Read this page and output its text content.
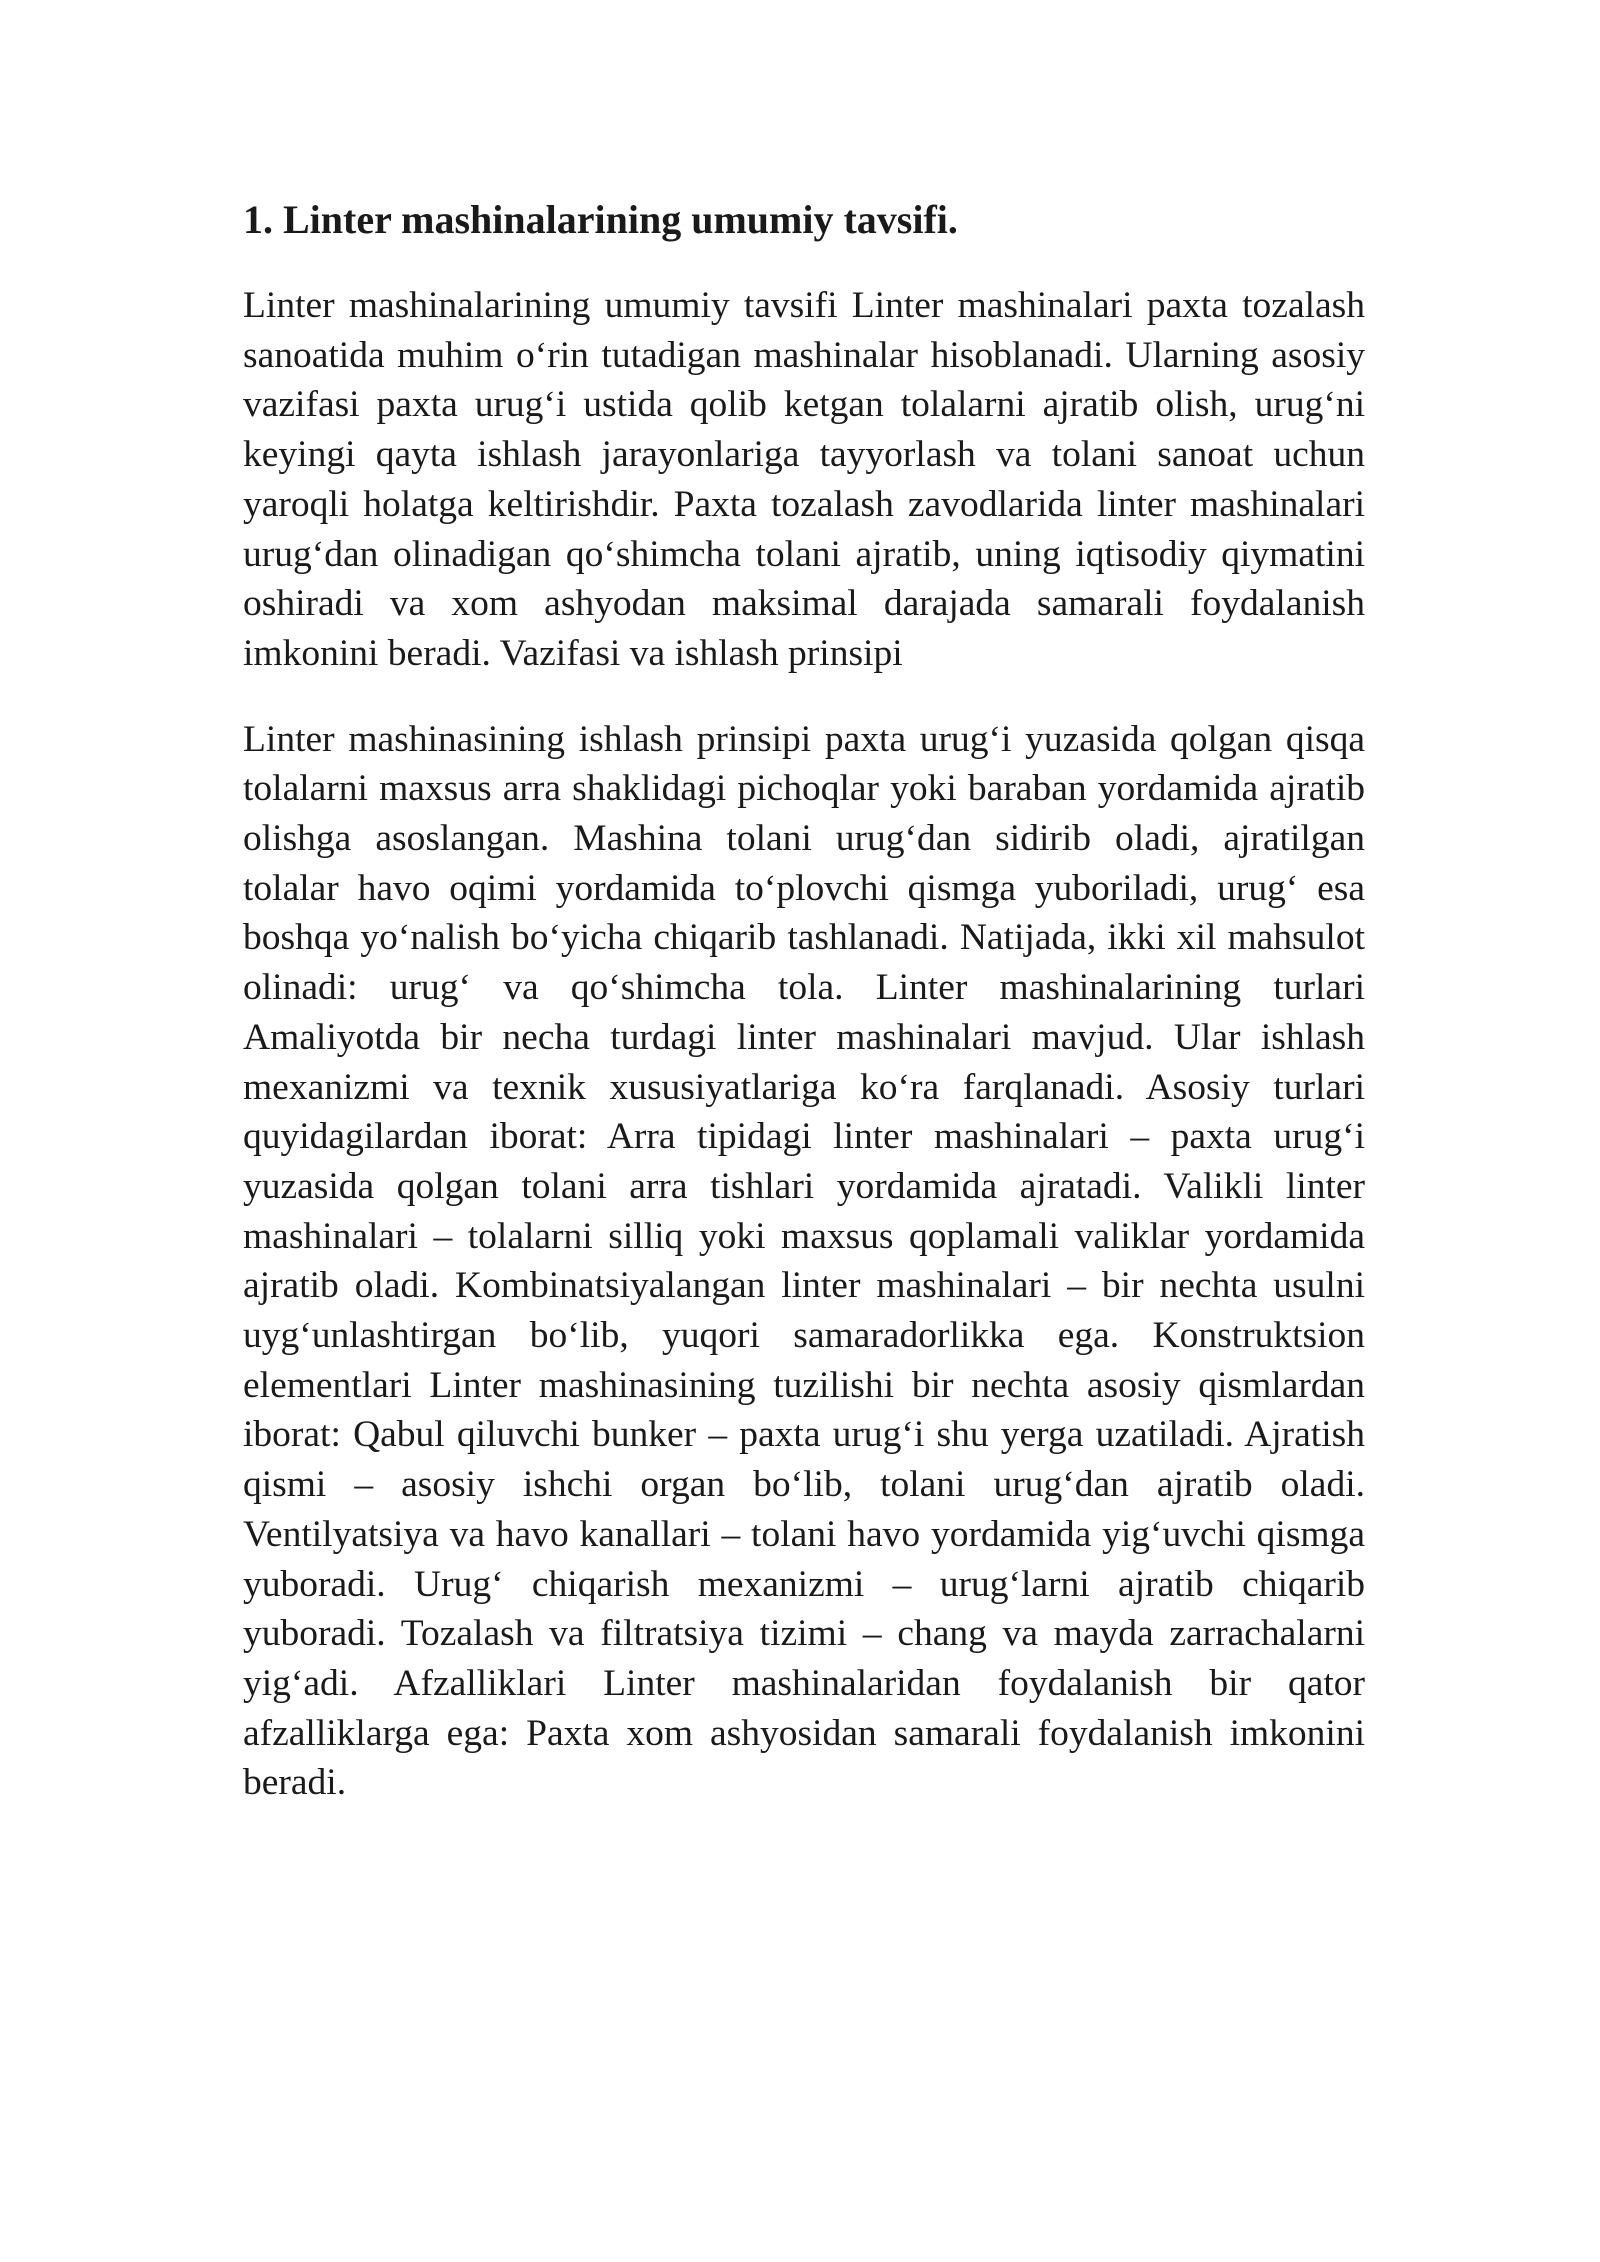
1. Linter mashinalarining umumiy tavsifi.

Linter mashinalarining umumiy tavsifi Linter mashinalari paxta tozalash sanoatida muhim o‘rin tutadigan mashinalar hisoblanadi. Ularning asosiy vazifasi paxta urug‘i ustida qolib ketgan tolalarni ajratib olish, urug‘ni keyingi qayta ishlash jarayonlariga tayyorlash va tolani sanoat uchun yaroqli holatga keltirishdir. Paxta tozalash zavodlarida linter mashinalari urug‘dan olinadigan qo‘shimcha tolani ajratib, uning iqtisodiy qiymatini oshiradi va xom ashyodan maksimal darajada samarali foydalanish imkonini beradi. Vazifasi va ishlash prinsipi

Linter mashinasining ishlash prinsipi paxta urug‘i yuzasida qolgan qisqa tolalarni maxsus arra shaklidagi pichoqlar yoki baraban yordamida ajratib olishga asoslangan. Mashina tolani urug‘dan sidirib oladi, ajratilgan tolalar havo oqimi yordamida to‘plovchi qismga yuboriladi, urug‘ esa boshqa yo‘nalish bo‘yicha chiqarib tashlanadi. Natijada, ikki xil mahsulot olinadi: urug‘ va qo‘shimcha tola. Linter mashinalarining turlari Amaliyotda bir necha turdagi linter mashinalari mavjud. Ular ishlash mexanizmi va texnik xususiyatlariga ko‘ra farqlanadi. Asosiy turlari quyidagilardan iborat: Arra tipidagi linter mashinalari – paxta urug‘i yuzasida qolgan tolani arra tishlari yordamida ajratadi. Valikli linter mashinalari – tolalarni silliq yoki maxsus qoplamali valiklar yordamida ajratib oladi. Kombinatsiyalangan linter mashinalari – bir nechta usulni uyg‘unlashtirgan bo‘lib, yuqori samaradorlikka ega. Konstruktsion elementlari Linter mashinasining tuzilishi bir nechta asosiy qismlardan iborat: Qabul qiluvchi bunker – paxta urug‘i shu yerga uzatiladi. Ajratish qismi – asosiy ishchi organ bo‘lib, tolani urug‘dan ajratib oladi. Ventilyatsiya va havo kanallari – tolani havo yordamida yig‘uvchi qismga yuboradi. Urug‘ chiqarish mexanizmi – urug‘larni ajratib chiqarib yuboradi. Tozalash va filtratsiya tizimi – chang va mayda zarrachalarni yig‘adi. Afzalliklari Linter mashinalaridan foydalanish bir qator afzalliklarga ega: Paxta xom ashyosidan samarali foydalanish imkonini beradi.
